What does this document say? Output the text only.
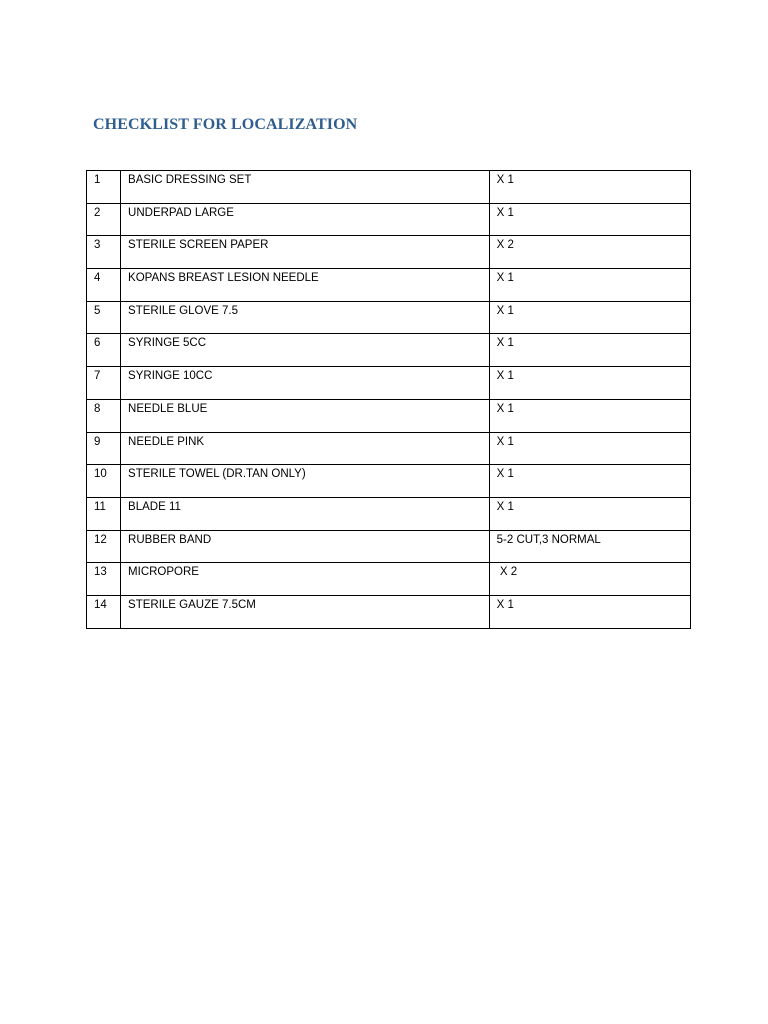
CHECKLIST FOR LOCALIZATION
1	BASIC DRESSING SET	X 1
2	UNDERPAD LARGE	X 1
3	STERILE SCREEN PAPER	X 2
4	KOPANS BREAST LESION NEEDLE	X 1
5	STERILE GLOVE 7.5	X 1
6	SYRINGE 5CC	X 1
7	SYRINGE 10CC	X 1
8	NEEDLE BLUE	X 1
9	NEEDLE PINK	X 1
10	STERILE TOWEL (DR.TAN ONLY)	X 1
11	BLADE 11	X 1
12	RUBBER BAND	5-2 CUT,3 NORMAL
13	MICROPORE	X 2
14	STERILE GAUZE 7.5CM	X 1
